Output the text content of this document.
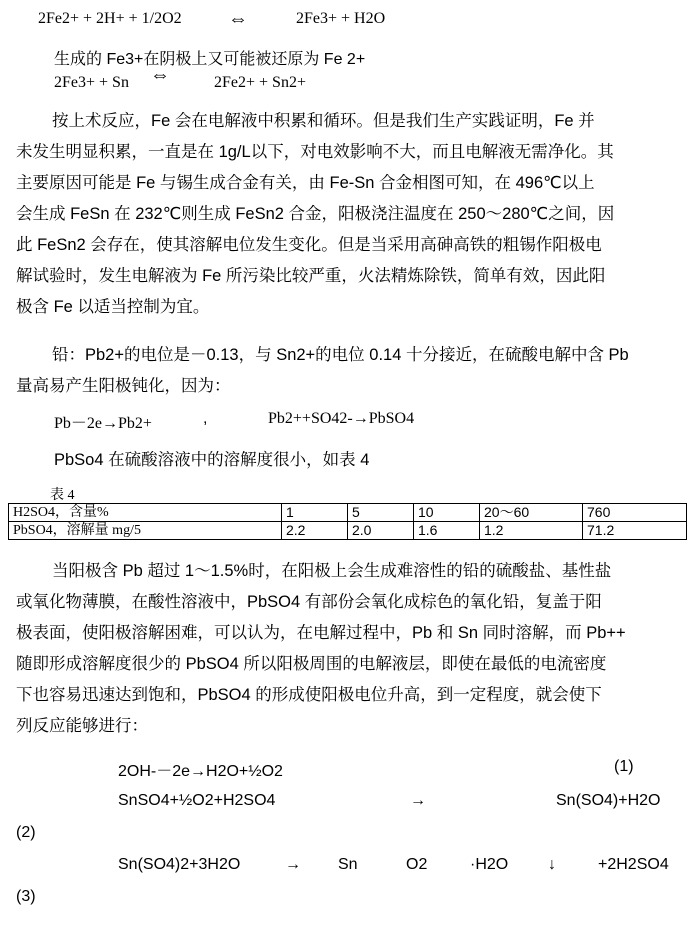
2Fe2+ + 2H+ + 1/2O2 ⇔	2Fe3+ + H2O
生成的 Fe3+在阴极上又可能被还原为 Fe 2+
2Fe3+ + Sn ⇔	2Fe2+ + Sn2+
按上术反应，Fe 会在电解液中积累和循环。但是我们生产实践证明，Fe 并
未发生明显积累，一直是在 1g/L以下，对电效影响不大，而且电解液无需净化。其
主要原因可能是 Fe 与锡生成合金有关，由 Fe-Sn 合金相图可知，在 496℃以上
会生成 FeSn 在 232℃则生成 FeSn2 合金，阳极浇注温度在 250～280℃之间，因
此 FeSn2 会存在，使其溶解电位发生变化。但是当采用高砷高铁的粗锡作阳极电
解试验时，发生电解液为 Fe 所污染比较严重，火法精炼除铁，简单有效，因此阳
极含 Fe 以适当控制为宜。
铅：Pb2+的电位是－0.13，与 Sn2+的电位 0.14 十分接近，在硫酸电解中含 Pb
量高易产生阳极钝化，因为：
Pb－2e→Pb2+	,	Pb2++SO42-→PbSO4
PbSo4 在硫酸溶液中的溶解度很小，如表 4
表 4
H2SO4，含量%	1	5	10	20～60	760
PbSO4，溶解量 mg/5	2.2	2.0	1.6	1.2	71.2
当阳极含 Pb 超过 1～1.5%时，在阳极上会生成难溶性的铅的硫酸盐、基性盐
或氧化物薄膜，在酸性溶液中，PbSO4 有部份会氧化成棕色的氧化铅，复盖于阳
极表面，使阳极溶解困难，可以认为，在电解过程中，Pb 和 Sn 同时溶解，而 Pb++
随即形成溶解度很少的 PbSO4 所以阳极周围的电解液层，即使在最低的电流密度
下也容易迅速达到饱和，PbSO4 的形成使阳极电位升高，到一定程度，就会使下
列反应能够进行：
2OH-－2e→H2O+½O2	(1)
SnSO4+½O2+H2SO4	→	Sn(SO4)+H2O
(2)
Sn(SO4)2+3H2O	→ Sn	O2	·H2O ↓	+2H2SO4
(3)
